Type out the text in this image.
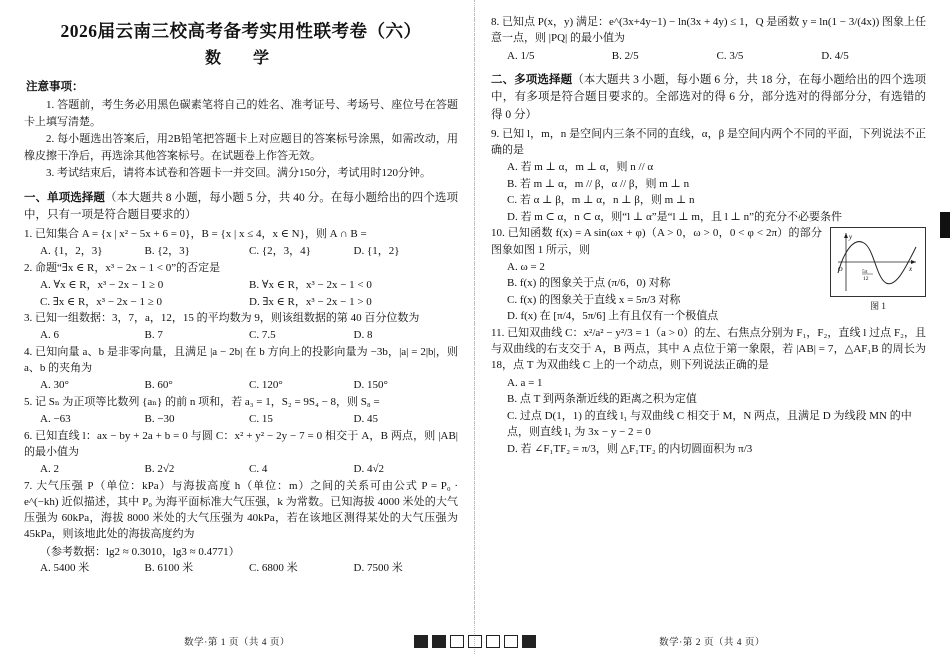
2026届云南三校高考备考实用性联考卷（六）
数　学
注意事项：
1. 答题前，考生务必用黑色碳素笔将自己的姓名、准考证号、考场号、座位号在答题卡上填写清楚。
2. 每小题选出答案后，用2B铅笔把答题卡上对应题目的答案标号涂黑，如需改动，用橡皮擦干净后，再选涂其他答案标号。在试题卷上作答无效。
3. 考试结束后，请将本试卷和答题卡一并交回。满分150分，考试用时120分钟。
一、单项选择题（本大题共 8 小题，每小题 5 分，共 40 分。在每小题给出的四个选项中，只有一项是符合题目要求的）
1. 已知集合 A = {x | x² − 5x + 6 = 0}，B = {x | x ≤ 4，x ∈ N}，则 A ∩ B =
A. {1，2，3}	B. {2，3}	C. {2，3，4}	D. {1，2}
2. 命题“∃x ∈ R，x³ − 2x − 1 < 0”的否定是
A. ∀x ∈ R，x³ − 2x − 1 ≥ 0	B. ∀x ∈ R，x³ − 2x − 1 < 0
C. ∃x ∈ R，x³ − 2x − 1 ≥ 0	D. ∃x ∈ R，x³ − 2x − 1 > 0
3. 已知一组数据：3，7，a，12，15 的平均数为 9，则该组数据的第 40 百分位数为
A. 6	B. 7	C. 7.5	D. 8
4. 已知向量 a、b 是非零向量，且满足 |a − 2b| 在 b 方向上的投影向量为 −3b，|a| = 2|b|，则 a、b 的夹角为
A. 30°	B. 60°	C. 120°	D. 150°
5. 记 Sₙ 为正项等比数列 {aₙ} 的前 n 项和，若 a₃ = 1，S₂ = 9S₄ − 8，则 S₈ =
A. −63	B. −30	C. 15	D. 45
6. 已知直线 l：ax − by + 2a + b = 0 与圆 C：x² + y² − 2y − 7 = 0 相交于 A，B 两点，则 |AB| 的最小值为
A. 2	B. 2√2	C. 4	D. 4√2
7. 大气压强 P（单位：kPa）与海拔高度 h（单位：m）之间的关系可由公式 P = P₀ · e^(−kh) 近似描述，其中 P₀ 为海平面标准大气压强，k 为常数。已知海拔 4000 米处的大气压强为 60kPa，海拔 8000 米处的大气压强为 40kPa，若在该地区测得某处的大气压强为 45kPa，则该地此处的海拔高度约为
（参考数据：lg2 ≈ 0.3010，lg3 ≈ 0.4771）
A. 5400 米	B. 6100 米	C. 6800 米	D. 7500 米
数学·第 1 页（共 4 页）
8. 已知点 P(x，y) 满足：e^(3x+4y−1) − ln(3x + 4y) ≤ 1，Q 是函数 y = ln(1 − 3/(4x)) 图象上任意一点，则 |PQ| 的最小值为
A. 1/5	B. 2/5	C. 3/5	D. 4/5
二、多项选择题（本大题共 3 小题，每小题 6 分，共 18 分，在每小题给出的四个选项中，有多项是符合题目要求的。全部选对的得 6 分，部分选对的得部分分，有选错的得 0 分）
9. 已知 l，m，n 是空间内三条不同的直线，α，β 是空间内两个不同的平面，下列说法不正确的是
A. 若 m ⊥ α，m ⊥ α，则 n // α
B. 若 m ⊥ α，m // β，α // β，则 m ⊥ n
C. 若 α ⊥ β，m ⊥ α，n ⊥ β，则 m ⊥ n
D. 若 m ⊂ α，n ⊂ α，则“l ⊥ α”是“l ⊥ m，且 l ⊥ n”的充分不必要条件
y
x
O	5π
12
图 1
10. 已知函数 f(x) = A sin(ωx + φ)（A > 0，ω > 0，0 < φ < 2π）的部分图象如图 1 所示，则
A. ω = 2
B. f(x) 的图象关于点 (π/6，0) 对称
C. f(x) 的图象关于直线 x = 5π/3 对称
D. f(x) 在 [π/4，5π/6] 上有且仅有一个极值点
11. 已知双曲线 C：x²/a² − y²/3 = 1（a > 0）的左、右焦点分别为 F₁，F₂，直线 l 过点 F₂，且与双曲线的右支交于 A，B 两点，其中 A 点位于第一象限，若 |AB| = 7，△AF₁B 的周长为 18，点 T 为双曲线 C 上的一个动点，则下列说法正确的是
A. a = 1
B. 点 T 到两条渐近线的距离之积为定值
C. 过点 D(1，1) 的直线 l₁ 与双曲线 C 相交于 M，N 两点，且满足 D 为线段 MN 的中点，则直线 l₁ 为 3x − y − 2 = 0
D. 若 ∠F₁TF₂ = π/3，则 △F₁TF₂ 的内切圆面积为 π/3
数学·第 2 页（共 4 页）
